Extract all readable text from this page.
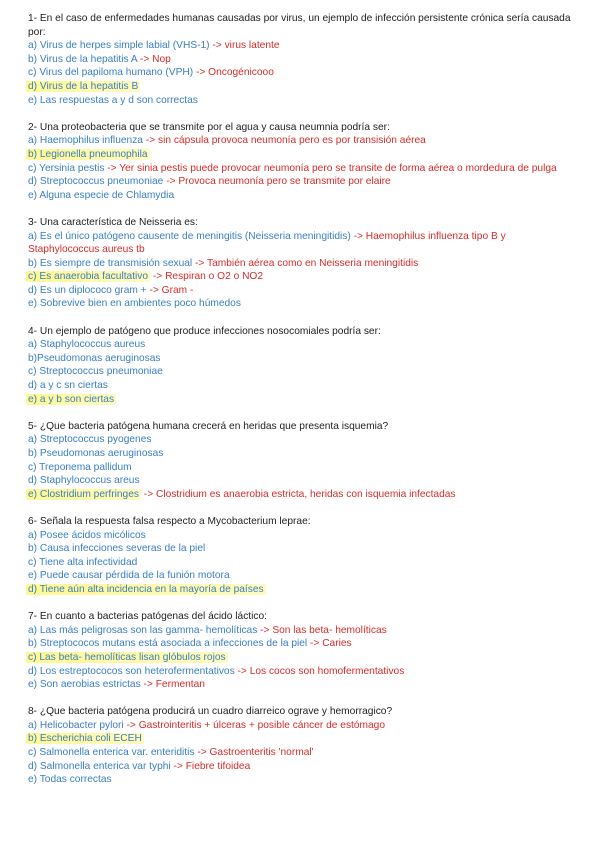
1- En el caso de enfermedades humanas causadas por virus, un ejemplo de infección persistente crónica sería causada por:
a) Virus de herpes simple labial (VHS-1) -> virus latente
b) Virus de la hepatitis A -> Nop
c) Virus del papiloma humano (VPH) -> Oncogénicooo
d) Virus de la hepatitis B
e) Las respuestas a y d son correctas
2- Una proteobacteria que se transmite por el agua y causa neumnia podría ser:
a) Haemophilus influenza -> sin cápsula provoca neumonía pero es por transisión aérea
b) Legionella pneumophila
c) Yersinia pestis -> Yer sinia pestis puede provocar neumonía pero se transite de forma aérea o mordedura de pulga
d) Streptococcus pneumoniae -> Provoca neumonía pero se transmite por elaire
e) Alguna especie de Chlamydia
3- Una característica de Neisseria es:
a) Es el único patógeno causente de meningitis (Neisseria meningitidis) -> Haemophilus influenza tipo B y Staphylococcus aureus tb
b) Es siempre de transmisión sexual -> También aérea como en Neisseria meningitidis
c) Es anaerobia facultativo -> Respiran o O2 o NO2
d) Es un diplococo gram + -> Gram -
e) Sobrevive bien en ambientes poco húmedos
4- Un ejemplo de patógeno que produce infecciones nosocomiales podría ser:
a) Staphylococcus aureus
b)Pseudomonas aeruginosas
c) Streptococcus pneumoniae
d) a y c sn ciertas
e) a y b son ciertas
5- ¿Que bacteria patógena humana crecerá en heridas que presenta isquemia?
a) Streptococcus pyogenes
b) Pseudomonas aeruginosas
c) Treponema pallidum
d) Staphylococcus areus
e) Clostridium perfringes -> Clostridium es anaerobia estricta, heridas con isquemia infectadas
6- Señala la respuesta falsa respecto a Mycobacterium leprae:
a) Posee ácidos micólicos
b) Causa infecciones severas de la piel
c) Tiene alta infectividad
e) Puede causar pérdida de la funión motora
d) Tiene aún alta incidencia en la mayoría de países
7- En cuanto a bacterias patógenas del ácido láctico:
a) Las más peligrosas son las gamma- hemolíticas -> Son las beta- hemolíticas
b) Streptococos mutans está asociada a infecciones de la piel -> Caries
c) Las beta- hemolíticas lisan glóbulos rojos
d) Los estreptococos son heterofermentativos -> Los cocos son homofermentativos
e) Son aerobias estrictas -> Fermentan
8- ¿Que bacteria patógena producirá un cuadro diarreico ograve y hemorragico?
a) Helicobacter pylori -> Gastrointeritis + úlceras + posible cáncer de estómago
b) Escherichia coli ECEH
c) Salmonella enterica var. enteriditis -> Gastroenteritis 'normal'
d) Salmonella enterica var typhi -> Fiebre tifoidea
e) Todas correctas
